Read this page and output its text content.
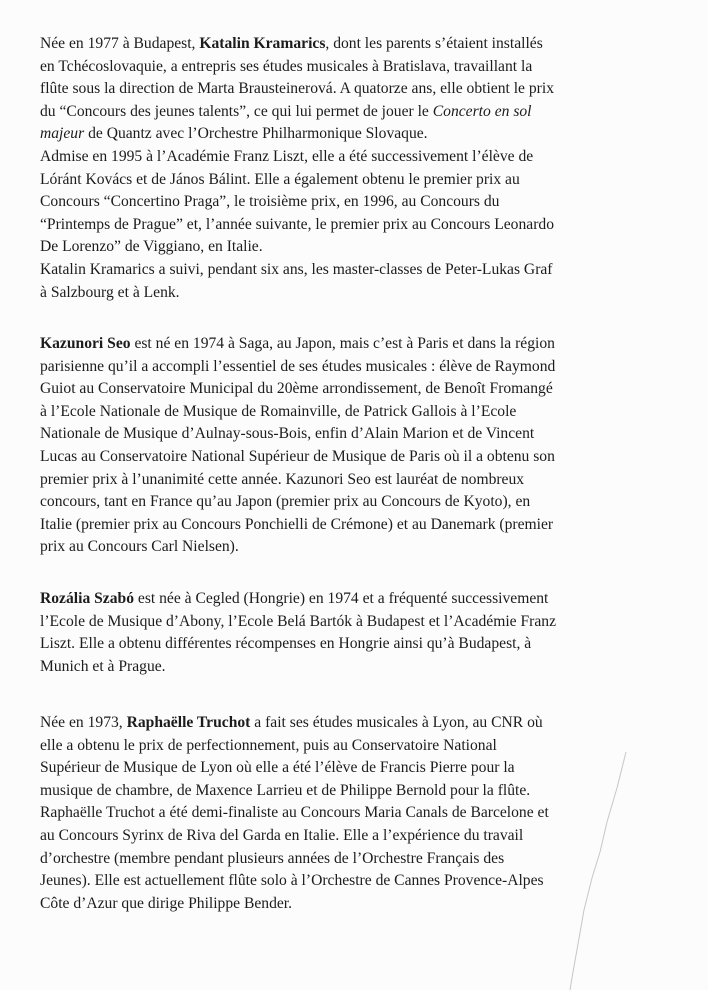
Née en 1977 à Budapest, Katalin Kramarics, dont les parents s’étaient installés
en Tchécoslovaquie, a entrepris ses études musicales à Bratislava, travaillant la
flûte sous la direction de Marta Brausteinerová. A quatorze ans, elle obtient le prix
du “Concours des jeunes talents”, ce qui lui permet de jouer le Concerto en sol
majeur de Quantz avec l’Orchestre Philharmonique Slovaque.
Admise en 1995 à l’Académie Franz Liszt, elle a été successivement l’élève de
Lóránt Kovács et de János Bálint. Elle a également obtenu le premier prix au
Concours “Concertino Praga”, le troisième prix, en 1996, au Concours du
“Printemps de Prague” et, l’année suivante, le premier prix au Concours Leonardo
De Lorenzo” de Viggiano, en Italie.
Katalin Kramarics a suivi, pendant six ans, les master-classes de Peter-Lukas Graf
à Salzbourg et à Lenk.

Kazunori Seo est né en 1974 à Saga, au Japon, mais c’est à Paris et dans la région
parisienne qu’il a accompli l’essentiel de ses études musicales : élève de Raymond
Guiot au Conservatoire Municipal du 20ème arrondissement, de Benoît Fromangé
à l’Ecole Nationale de Musique de Romainville, de Patrick Gallois à l’Ecole
Nationale de Musique d’Aulnay-sous-Bois, enfin d’Alain Marion et de Vincent
Lucas au Conservatoire National Supérieur de Musique de Paris où il a obtenu son
premier prix à l’unanimité cette année. Kazunori Seo est lauréat de nombreux
concours, tant en France qu’au Japon (premier prix au Concours de Kyoto), en
Italie (premier prix au Concours Ponchielli de Crémone) et au Danemark (premier
prix au Concours Carl Nielsen).

Rozália Szabó est née à Cegled (Hongrie) en 1974 et a fréquenté successivement
l’Ecole de Musique d’Abony, l’Ecole Belá Bartók à Budapest et l’Académie Franz
Liszt. Elle a obtenu différentes récompenses en Hongrie ainsi qu’à Budapest, à
Munich et à Prague.

Née en 1973, Raphaëlle Truchot a fait ses études musicales à Lyon, au CNR où
elle a obtenu le prix de perfectionnement, puis au Conservatoire National
Supérieur de Musique de Lyon où elle a été l’élève de Francis Pierre pour la
musique de chambre, de Maxence Larrieu et de Philippe Bernold pour la flûte.
Raphaëlle Truchot a été demi-finaliste au Concours Maria Canals de Barcelone et
au Concours Syrinx de Riva del Garda en Italie. Elle a l’expérience du travail
d’orchestre (membre pendant plusieurs années de l’Orchestre Français des
Jeunes). Elle est actuellement flûte solo à l’Orchestre de Cannes Provence-Alpes
Côte d’Azur que dirige Philippe Bender.
